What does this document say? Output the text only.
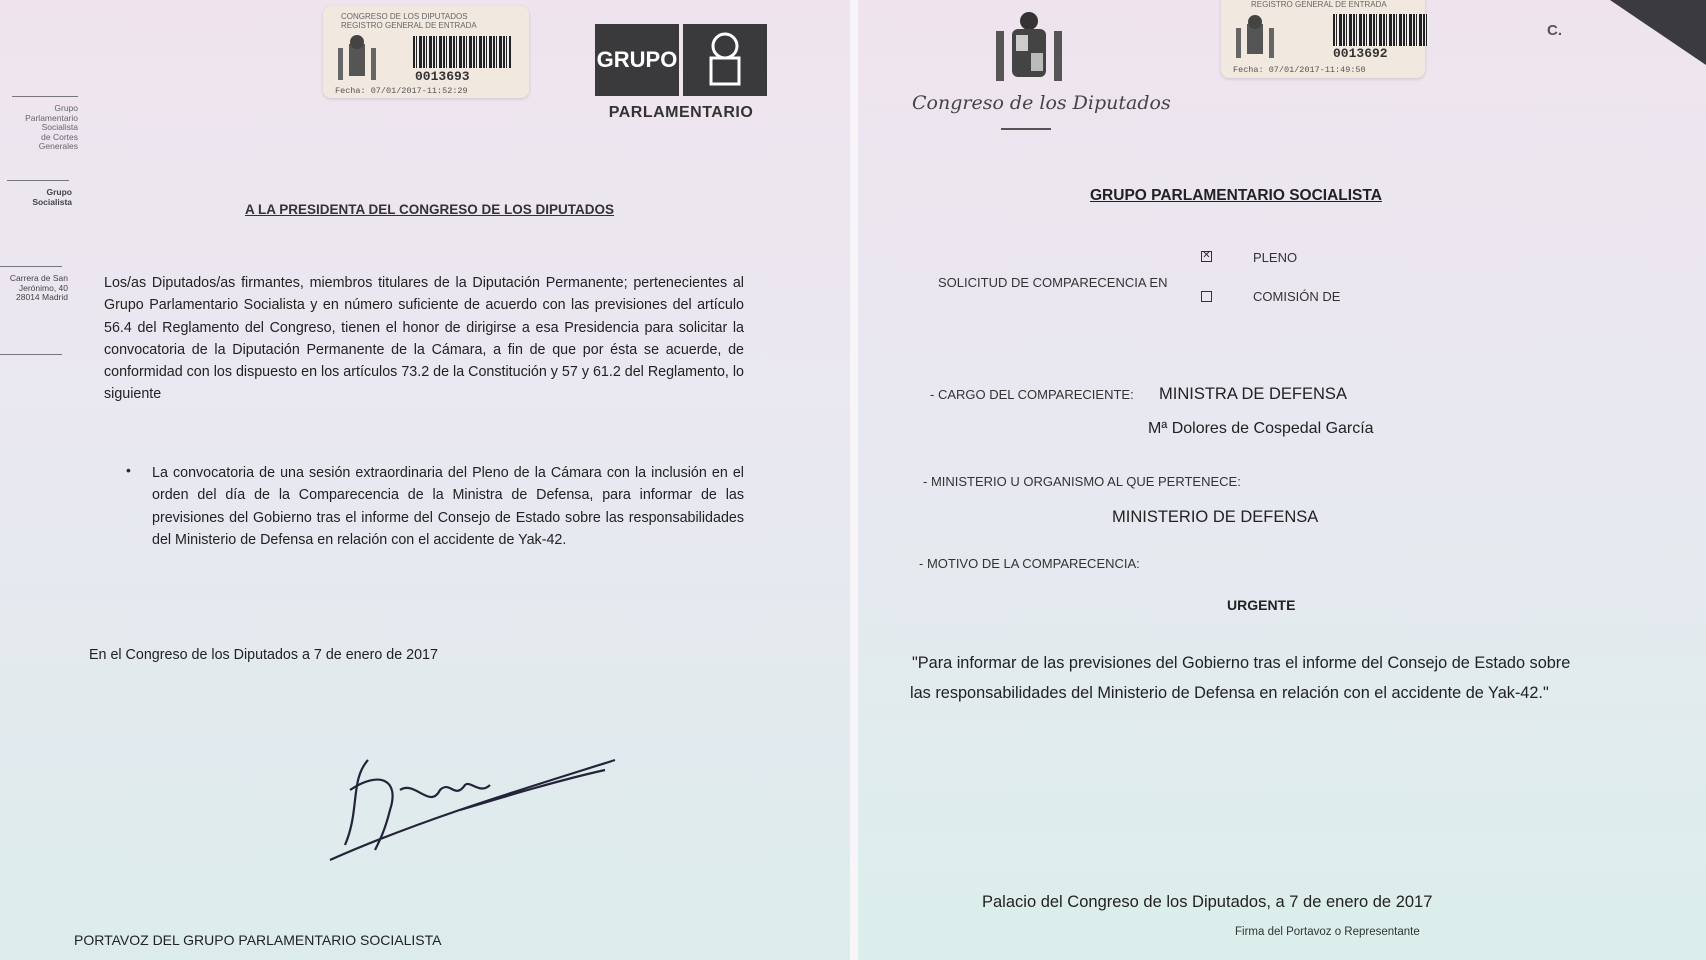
CONGRESO DE LOS DIPUTADOS
REGISTRO GENERAL DE ENTRADA
0013693
Fecha: 07/01/2017-11:52:29
GRUPO
PARLAMENTARIO
Grupo
Parlamentario
Socialista
de Cortes
Generales
Grupo
Socialista
Carrera de San
Jerónimo, 40
28014 Madrid
A LA PRESIDENTA DEL CONGRESO DE LOS DIPUTADOS
Los/as Diputados/as firmantes, miembros titulares de la Diputación Permanente; pertenecientes al Grupo Parlamentario Socialista y en número suficiente de acuerdo con las previsiones del artículo 56.4 del Reglamento del Congreso, tienen el honor de dirigirse a esa Presidencia para solicitar la convocatoria de la Diputación Permanente de la Cámara, a fin de que por ésta se acuerde, de conformidad con los dispuesto en los artículos 73.2 de la Constitución y 57 y 61.2 del Reglamento, lo siguiente
• La convocatoria de una sesión extraordinaria del Pleno de la Cámara con la inclusión en el orden del día de la Comparecencia de la Ministra de Defensa, para informar de las previsiones del Gobierno tras el informe del Consejo de Estado sobre las responsabilidades del Ministerio de Defensa en relación con el accidente de Yak-42.
En el Congreso de los Diputados a 7 de enero de 2017
PORTAVOZ DEL GRUPO PARLAMENTARIO SOCIALISTA
Congreso de los Diputados
REGISTRO GENERAL DE ENTRADA
0013692
Fecha: 07/01/2017-11:49:50
C.
GRUPO PARLAMENTARIO SOCIALISTA
SOLICITUD DE COMPARECENCIA EN
✕	PLENO
COMISIÓN DE
- CARGO DEL COMPARECIENTE: MINISTRA DE DEFENSA
Mª Dolores de Cospedal García
- MINISTERIO U ORGANISMO AL QUE PERTENECE:
MINISTERIO DE DEFENSA
- MOTIVO DE LA COMPARECENCIA:
URGENTE
"Para informar de las previsiones del Gobierno tras el informe del Consejo de Estado sobre
las responsabilidades del Ministerio de Defensa en relación con el accidente de Yak-42."
Palacio del Congreso de los Diputados, a 7 de enero de 2017
Firma del Portavoz o Representante
